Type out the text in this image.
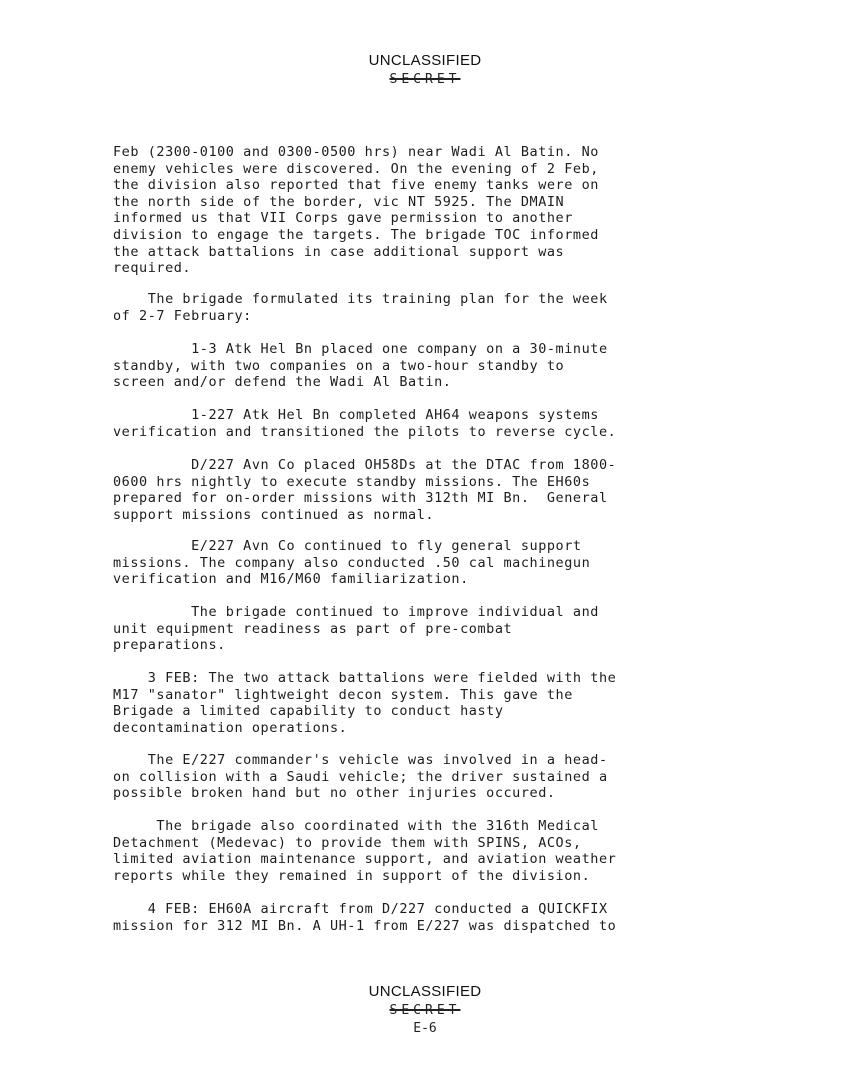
UNCLASSIFIED
SECRET
Feb (2300-0100 and 0300-0500 hrs) near Wadi Al Batin. No
enemy vehicles were discovered. On the evening of 2 Feb,
the division also reported that five enemy tanks were on
the north side of the border, vic NT 5925. The DMAIN
informed us that VII Corps gave permission to another
division to engage the targets. The brigade TOC informed
the attack battalions in case additional support was
required.
The brigade formulated its training plan for the week
of 2-7 February:
1-3 Atk Hel Bn placed one company on a 30-minute
standby, with two companies on a two-hour standby to
screen and/or defend the Wadi Al Batin.
1-227 Atk Hel Bn completed AH64 weapons systems
verification and transitioned the pilots to reverse cycle.
D/227 Avn Co placed OH58Ds at the DTAC from 1800-
0600 hrs nightly to execute standby missions. The EH60s
prepared for on-order missions with 312th MI Bn.  General
support missions continued as normal.
E/227 Avn Co continued to fly general support
missions. The company also conducted .50 cal machinegun
verification and M16/M60 familiarization.
The brigade continued to improve individual and
unit equipment readiness as part of pre-combat
preparations.
3 FEB: The two attack battalions were fielded with the
M17 "sanator" lightweight decon system. This gave the
Brigade a limited capability to conduct hasty
decontamination operations.
The E/227 commander's vehicle was involved in a head-
on collision with a Saudi vehicle; the driver sustained a
possible broken hand but no other injuries occured.
The brigade also coordinated with the 316th Medical
Detachment (Medevac) to provide them with SPINS, ACOs,
limited aviation maintenance support, and aviation weather
reports while they remained in support of the division.
4 FEB: EH60A aircraft from D/227 conducted a QUICKFIX
mission for 312 MI Bn. A UH-1 from E/227 was dispatched to
UNCLASSIFIED
SECRET
E-6
